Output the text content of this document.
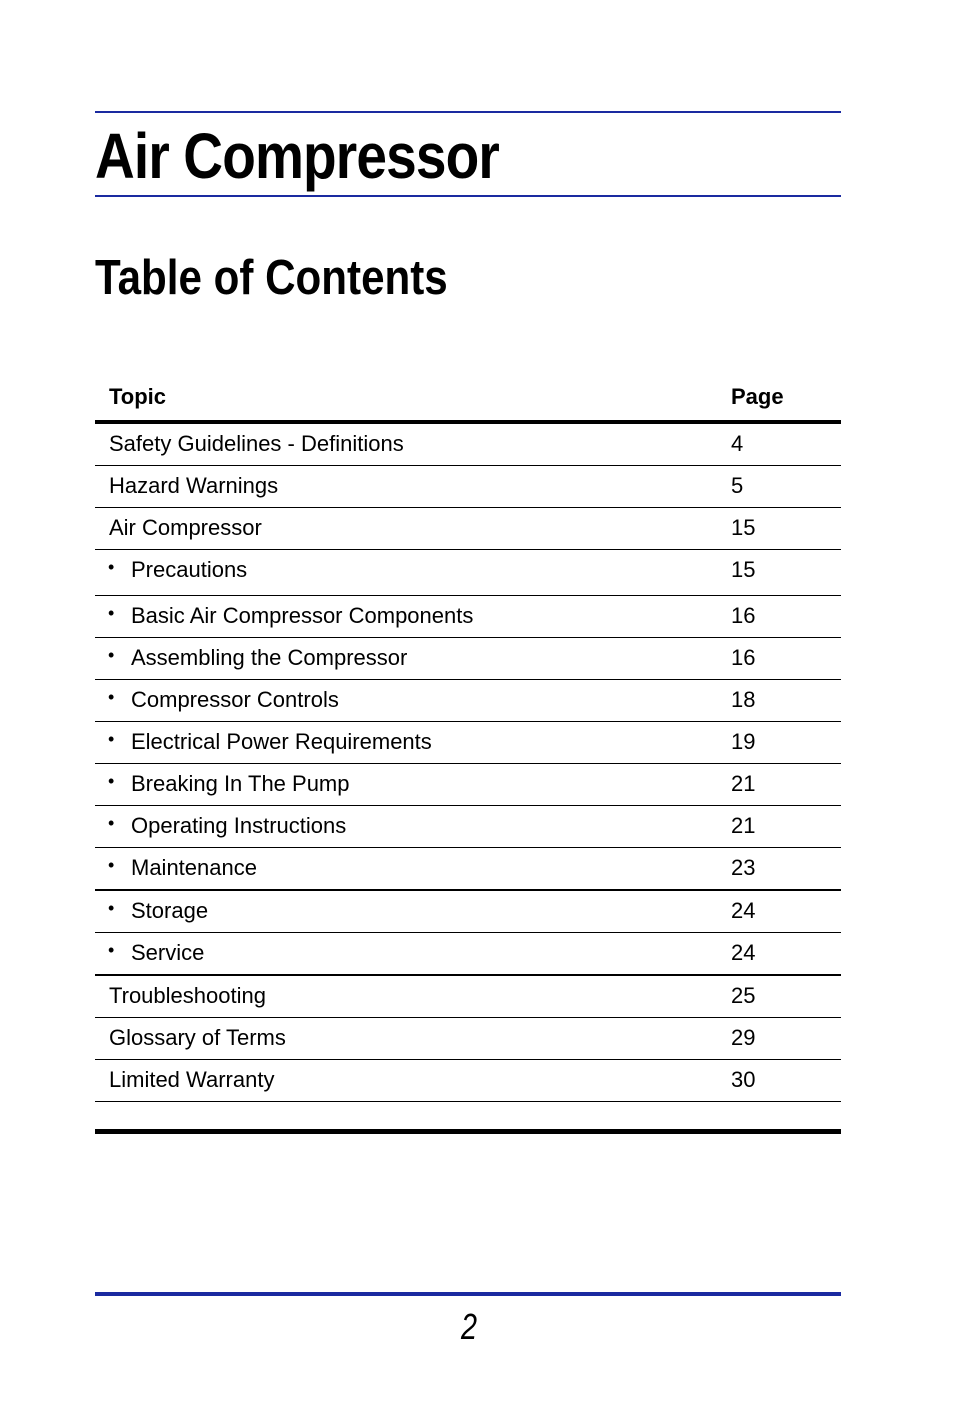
Air Compressor
Table of Contents
Topic	Page
Safety Guidelines - Definitions	4
Hazard Warnings	5
Air Compressor	15
• Precautions	15
• Basic Air Compressor Components	16
• Assembling the Compressor	16
• Compressor Controls	18
• Electrical Power Requirements	19
• Breaking In The Pump	21
• Operating Instructions	21
• Maintenance	23
• Storage	24
• Service	24
Troubleshooting	25
Glossary of Terms	29
Limited Warranty	30
2
